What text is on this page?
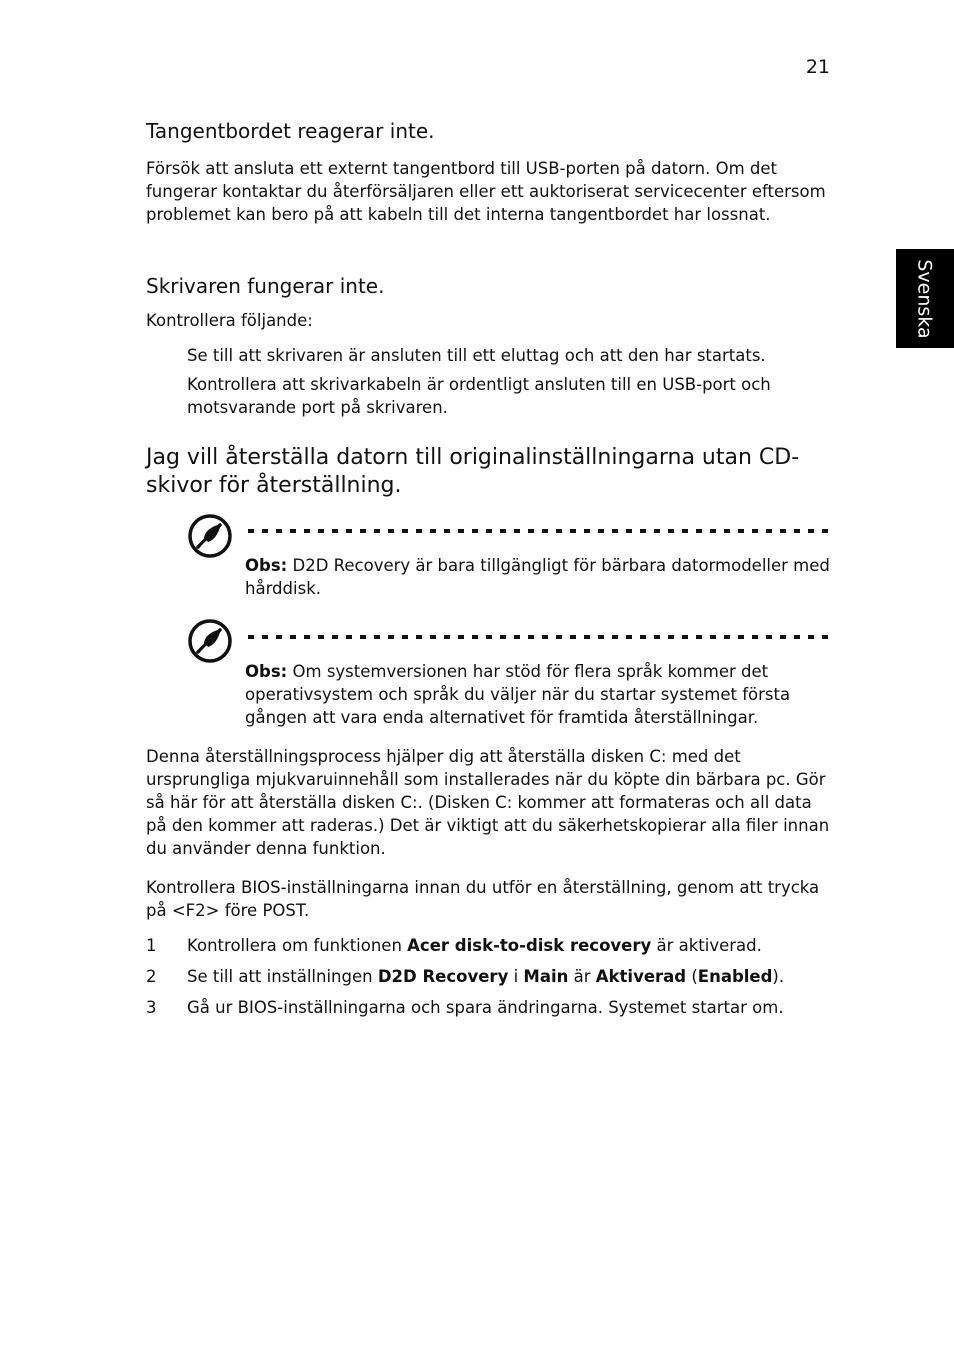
21
Svenska
Tangentbordet reagerar inte.

Försök att ansluta ett externt tangentbord till USB-porten på datorn. Om det fungerar kontaktar du återförsäljaren eller ett auktoriserat servicecenter eftersom problemet kan bero på att kabeln till det interna tangentbordet har lossnat.

Skrivaren fungerar inte.

Kontrollera följande:

Se till att skrivaren är ansluten till ett eluttag och att den har startats.

Kontrollera att skrivarkabeln är ordentligt ansluten till en USB-port och motsvarande port på skrivaren.

Jag vill återställa datorn till originalinställningarna utan CD-skivor för återställning.

Obs: D2D Recovery är bara tillgängligt för bärbara datormodeller med hårddisk.

Obs: Om systemversionen har stöd för flera språk kommer det operativsystem och språk du väljer när du startar systemet första gången att vara enda alternativet för framtida återställningar.

Denna återställningsprocess hjälper dig att återställa disken C: med det ursprungliga mjukvaruinnehåll som installerades när du köpte din bärbara pc. Gör så här för att återställa disken C:. (Disken C: kommer att formateras och all data på den kommer att raderas.) Det är viktigt att du säkerhetskopierar alla filer innan du använder denna funktion.

Kontrollera BIOS-inställningarna innan du utför en återställning, genom att trycka på <F2> före POST.

1 Kontrollera om funktionen Acer disk-to-disk recovery är aktiverad.

2 Se till att inställningen D2D Recovery i Main är Aktiverad (Enabled).

3 Gå ur BIOS-inställningarna och spara ändringarna. Systemet startar om.
